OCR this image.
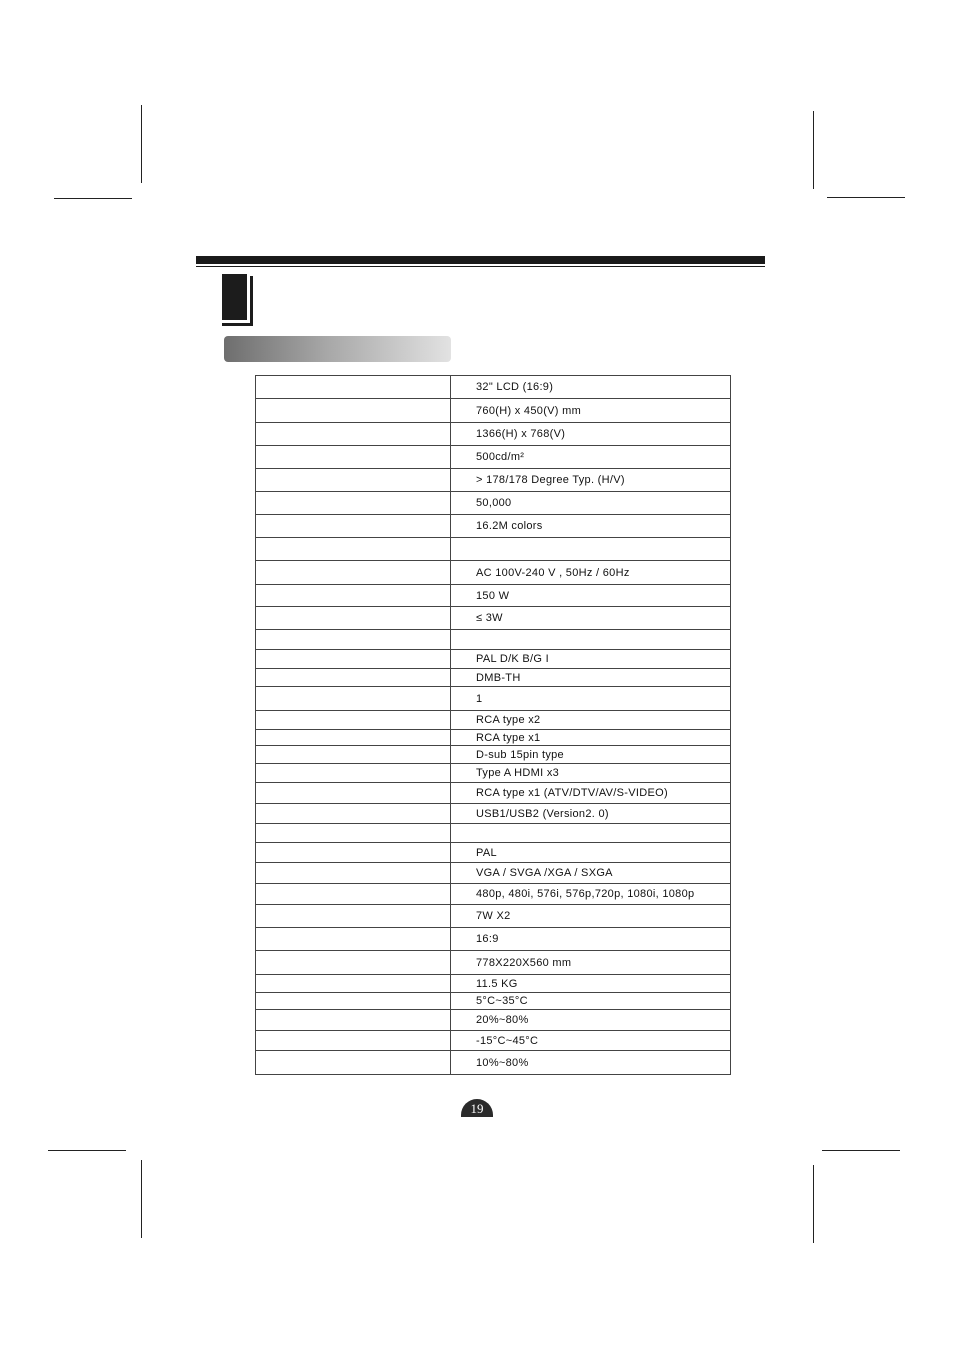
	32" LCD (16:9)
	760(H) x 450(V) mm
	1366(H) x 768(V)
	500cd/m²
	> 178/178 Degree Typ. (H/V)
	50,000
	16.2M colors

	AC 100V-240 V , 50Hz / 60Hz
	150 W
	≤ 3W

	PAL D/K B/G I
	DMB-TH
	1
	RCA type x2
	RCA type x1
	D-sub 15pin type
	Type A HDMI x3
	RCA type x1 (ATV/DTV/AV/S-VIDEO)
	USB1/USB2 (Version2. 0)

	PAL
	VGA / SVGA /XGA / SXGA
	480p, 480i, 576i, 576p,720p, 1080i, 1080p
	7W X2
	16:9
	778X220X560 mm
	11.5 KG
	5°C~35°C
	20%~80%
	-15°C~45°C
	10%~80%
19
